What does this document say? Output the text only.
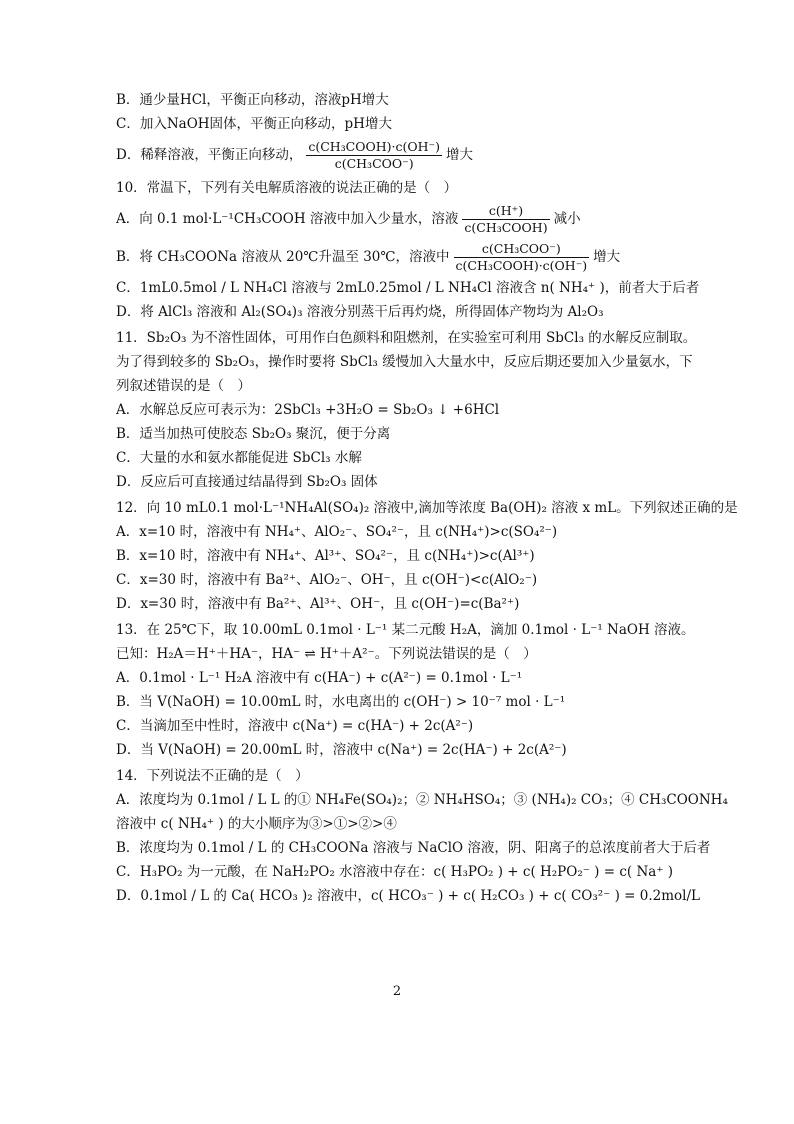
B．通少量HCl，平衡正向移动，溶液pH增大
C．加入NaOH固体，平衡正向移动，pH增大
D．稀释溶液，平衡正向移动， $\frac{\text{c(CH₃COOH)·c(OH⁻)}}{\text{c(CH₃COO⁻)}}$ 增大
10．常温下，下列有关电解质溶液的说法正确的是（　）
A．向 0.1 mol·L⁻¹CH₃COOH 溶液中加入少量水，溶液 $\frac{c(H^+)}{\text{c(CH₃COOH)}}$ 减小
B．将 CH₃COONa 溶液从 20℃升温至 30℃，溶液中 $\frac{\text{c(CH₃COO⁻)}}{\text{c(CH₃COOH)·c(OH⁻)}}$ 增大
C．1mL0.5mol / L NH₄Cl 溶液与 2mL0.25mol / L NH₄Cl 溶液含 n( NH₄⁺ )，前者大于后者
D．将 AlCl₃ 溶液和 Al₂(SO₄)₃ 溶液分别蒸干后再灼烧，所得固体产物均为 Al₂O₃
11．Sb₂O₃ 为不溶性固体，可用作白色颜料和阻燃剂，在实验室可利用 SbCl₃ 的水解反应制取。
为了得到较多的 Sb₂O₃，操作时要将 SbCl₃ 缓慢加入大量水中，反应后期还要加入少量氨水，下
列叙述错误的是（　）
A．水解总反应可表示为：2SbCl₃ +3H₂O = Sb₂O₃ ↓ +6HCl
B．适当加热可使胶态 Sb₂O₃ 聚沉，便于分离
C．大量的水和氨水都能促进 SbCl₃ 水解
D．反应后可直接通过结晶得到 Sb₂O₃ 固体
12．向 10 mL0.1 mol·L⁻¹NH₄Al(SO₄)₂ 溶液中,滴加等浓度 Ba(OH)₂ 溶液 x mL。下列叙述正确的是
A．x=10 时，溶液中有 NH₄⁺、AlO₂⁻、SO₄²⁻，且 c(NH₄⁺)>c(SO₄²⁻)
B．x=10 时，溶液中有 NH₄⁺、Al³⁺、SO₄²⁻，且 c(NH₄⁺)>c(Al³⁺)
C．x=30 时，溶液中有 Ba²⁺、AlO₂⁻、OH⁻，且 c(OH⁻)<c(AlO₂⁻)
D．x=30 时，溶液中有 Ba²⁺、Al³⁺、OH⁻，且 c(OH⁻)=c(Ba²⁺)
13．在 25℃下，取 10.00mL 0.1mol · L⁻¹ 某二元酸 H₂A，滴加 0.1mol · L⁻¹ NaOH 溶液。
已知：H₂A＝H⁺＋HA⁻，HA⁻ ⇌ H⁺＋A²⁻。下列说法错误的是（　）
A．0.1mol · L⁻¹ H₂A 溶液中有 c(HA⁻) + c(A²⁻) = 0.1mol · L⁻¹
B．当 V(NaOH) = 10.00mL 时，水电离出的 c(OH⁻) > 10⁻⁷ mol · L⁻¹
C．当滴加至中性时，溶液中 c(Na⁺) = c(HA⁻) + 2c(A²⁻)
D．当 V(NaOH) = 20.00mL 时，溶液中 c(Na⁺) = 2c(HA⁻) + 2c(A²⁻)
14．下列说法不正确的是（　）
A．浓度均为 0.1mol / L L 的① NH₄Fe(SO₄)₂；② NH₄HSO₄；③ (NH₄)₂ CO₃；④ CH₃COONH₄
溶液中 c( NH₄⁺ ) 的大小顺序为③>①>②>④
B．浓度均为 0.1mol / L 的 CH₃COONa 溶液与 NaClO 溶液，阴、阳离子的总浓度前者大于后者
C．H₃PO₂ 为一元酸，在 NaH₂PO₂ 水溶液中存在：c( H₃PO₂ ) + c( H₂PO₂⁻ ) = c( Na⁺ )
D．0.1mol / L 的 Ca( HCO₃ )₂ 溶液中，c( HCO₃⁻ ) + c( H₂CO₃ ) + c( CO₃²⁻ ) = 0.2mol/L
2
